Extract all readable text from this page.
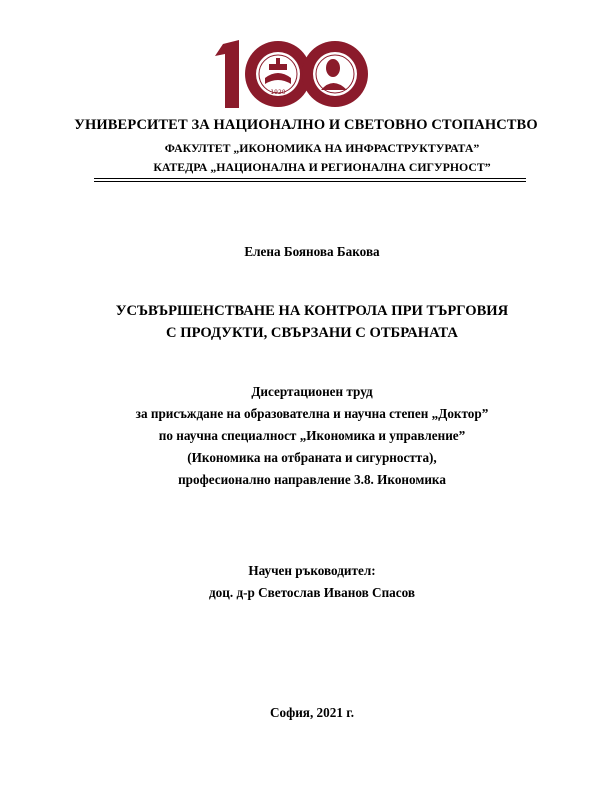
1920
УНИВЕРСИТЕТ ЗА НАЦИОНАЛНО И СВЕТОВНО СТОПАНСТВО
ФАКУЛТЕТ „ИКОНОМИКА НА ИНФРАСТРУКТУРАТА”
КАТЕДРА „НАЦИОНАЛНА И РЕГИОНАЛНА СИГУРНОСТ”
Елена Боянова Бакова
УСЪВЪРШЕНСТВАНЕ НА КОНТРОЛА ПРИ ТЪРГОВИЯ
С ПРОДУКТИ, СВЪРЗАНИ С ОТБРАНАТА
Дисертационен труд
за присъждане на образователна и научна степен „Доктор”
по научна специалност „Икономика и управление”
(Икономика на отбраната и сигурността),
професионално направление 3.8. Икономика
Научен ръководител:
доц. д-р Светослав Иванов Спасов
София, 2021 г.
